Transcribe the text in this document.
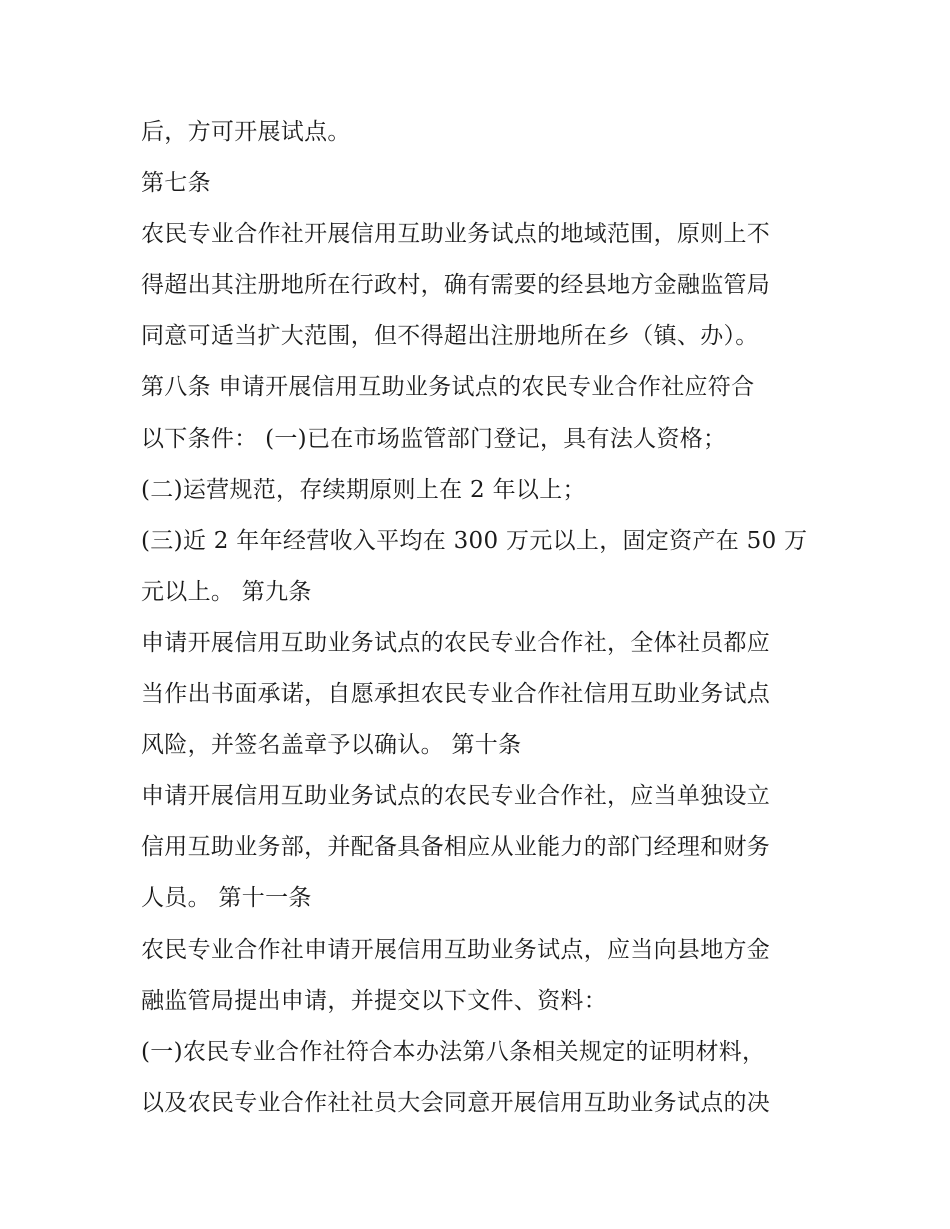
后，方可开展试点。
第七条
农民专业合作社开展信用互助业务试点的地域范围，原则上不
得超出其注册地所在行政村，确有需要的经县地方金融监管局
同意可适当扩大范围，但不得超出注册地所在乡（镇、办）。
第八条 申请开展信用互助业务试点的农民专业合作社应符合
以下条件： (一)已在市场监管部门登记，具有法人资格；
(二)运营规范，存续期原则上在 2 年以上；
(三)近 2 年年经营收入平均在 300 万元以上，固定资产在 50 万
元以上。 第九条
申请开展信用互助业务试点的农民专业合作社，全体社员都应
当作出书面承诺，自愿承担农民专业合作社信用互助业务试点
风险，并签名盖章予以确认。 第十条
申请开展信用互助业务试点的农民专业合作社，应当单独设立
信用互助业务部，并配备具备相应从业能力的部门经理和财务
人员。 第十一条
农民专业合作社申请开展信用互助业务试点，应当向县地方金
融监管局提出申请，并提交以下文件、资料：
(一)农民专业合作社符合本办法第八条相关规定的证明材料，
以及农民专业合作社社员大会同意开展信用互助业务试点的决
